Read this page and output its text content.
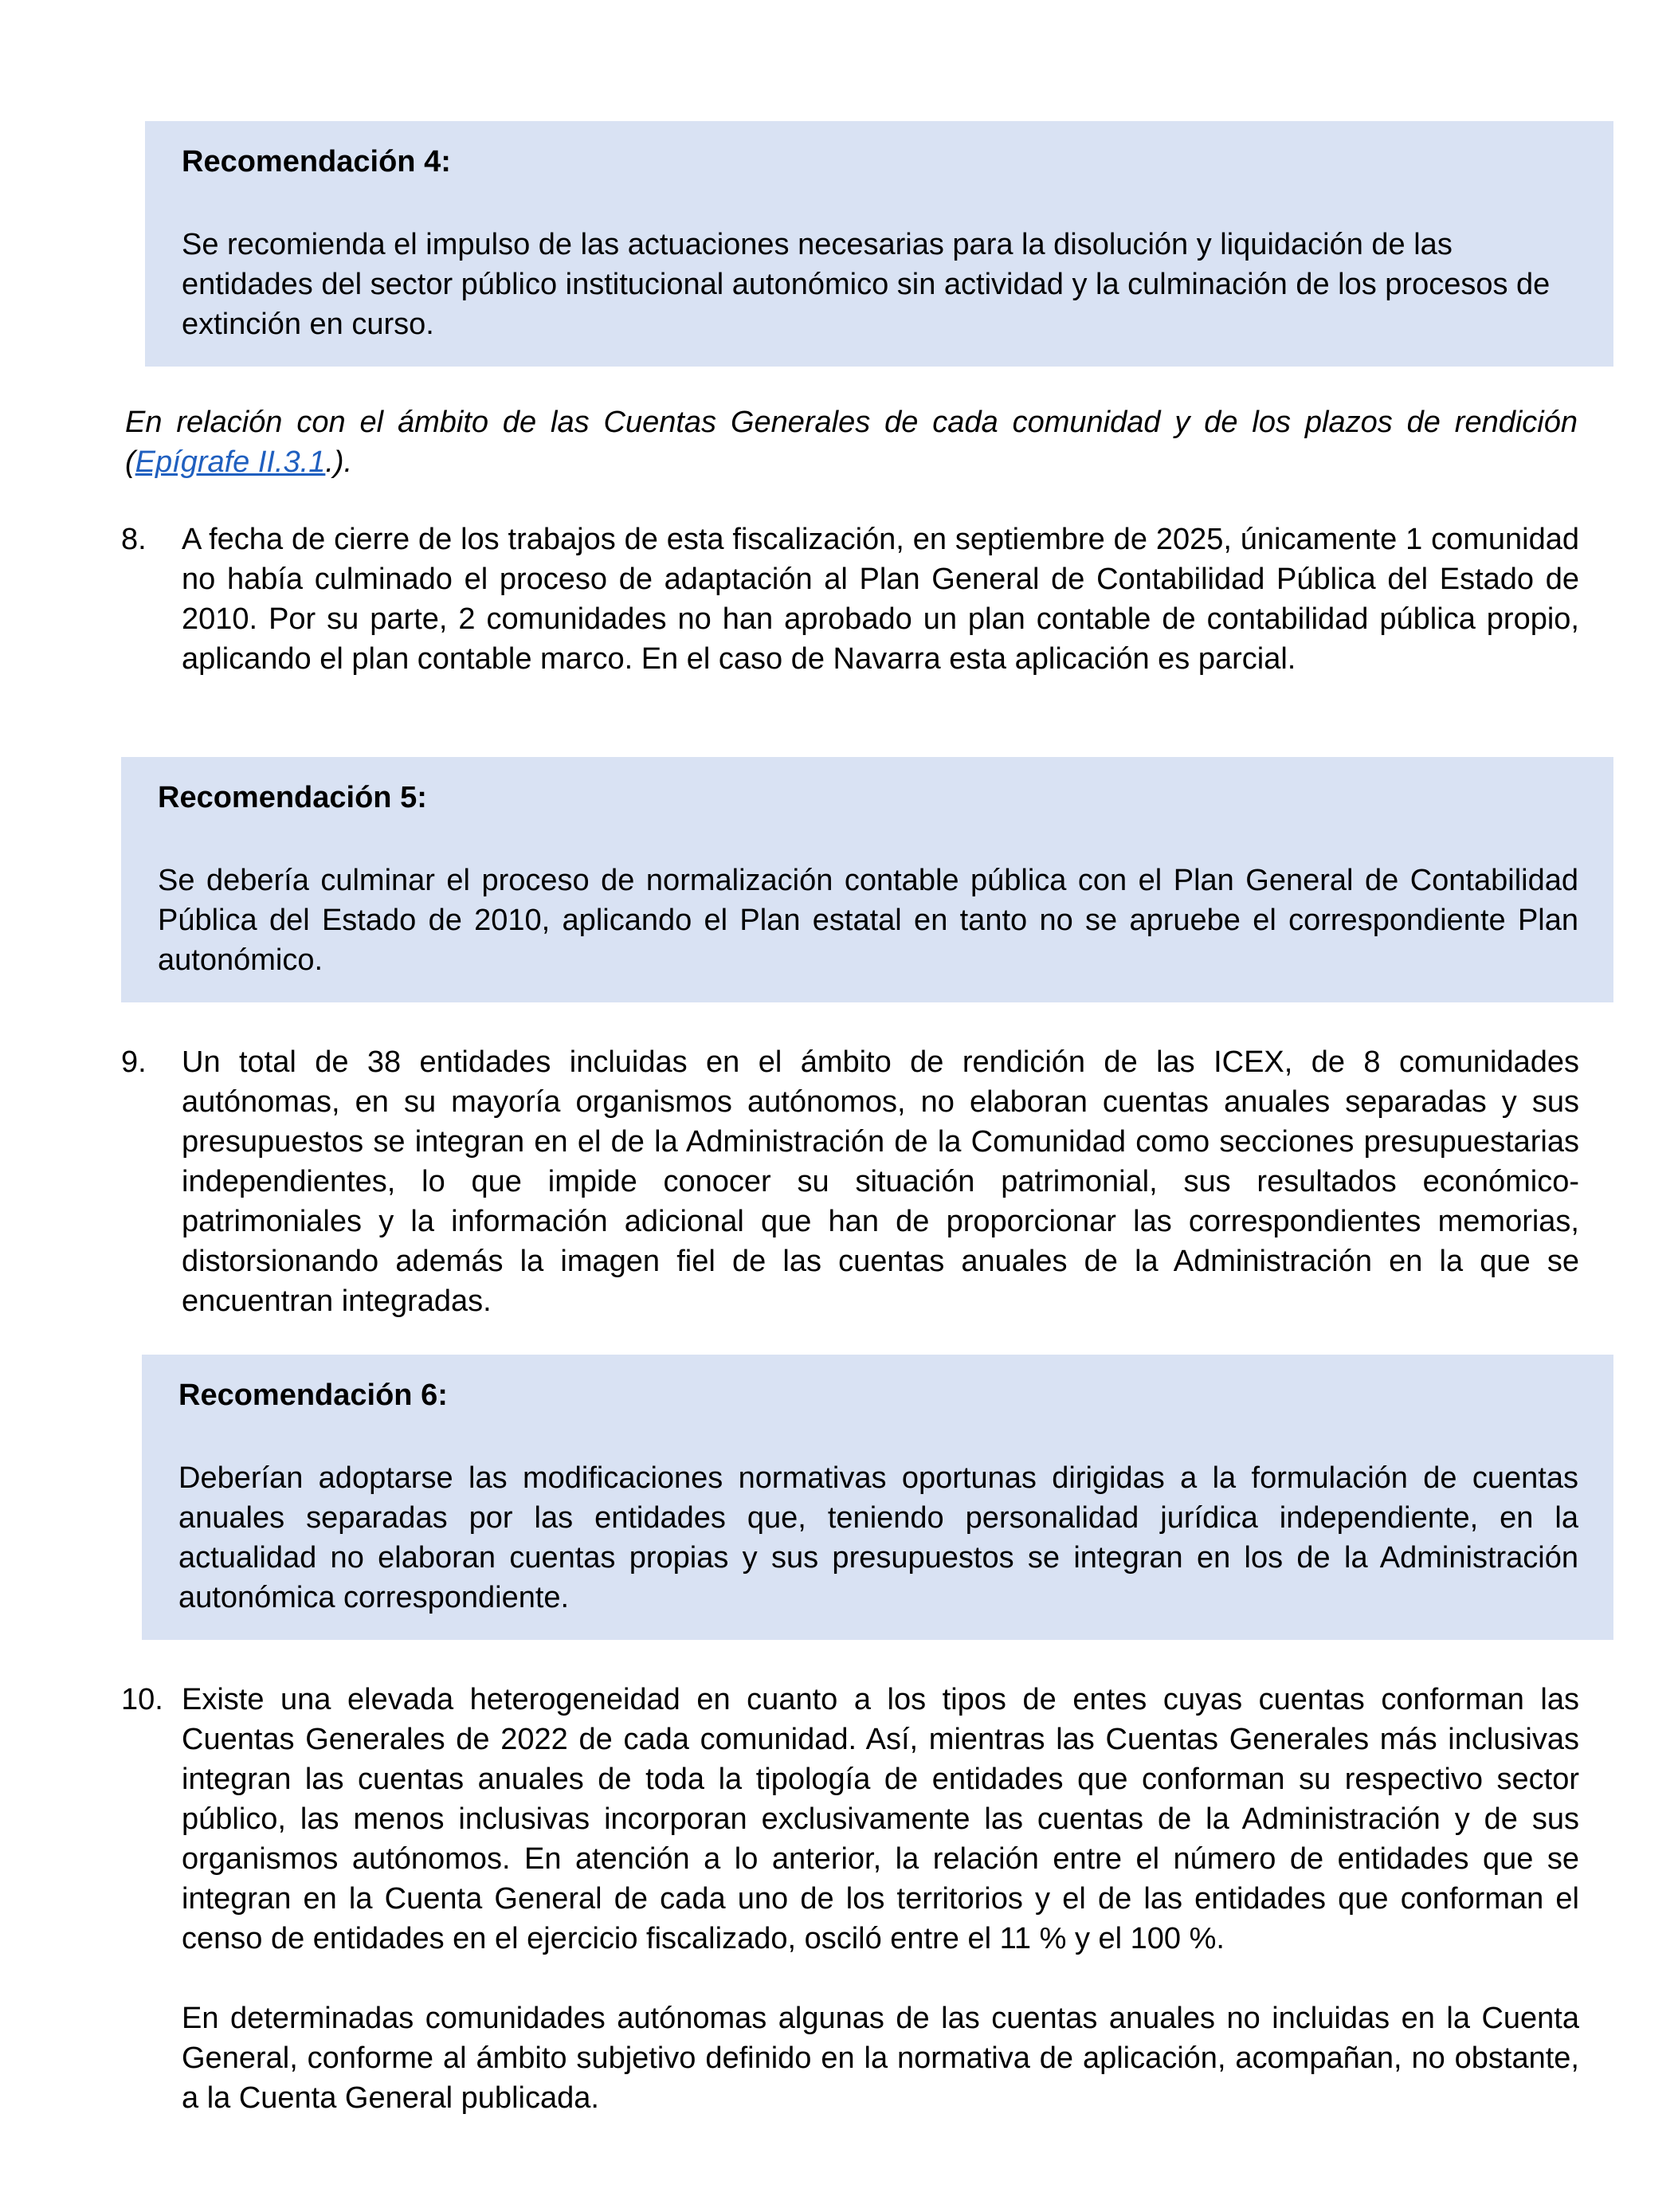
Recomendación 4:

Se recomienda el impulso de las actuaciones necesarias para la disolución y liquidación de las entidades del sector público institucional autonómico sin actividad y la culminación de los procesos de extinción en curso.

En relación con el ámbito de las Cuentas Generales de cada comunidad y de los plazos de rendición (Epígrafe II.3.1.).

8.	A fecha de cierre de los trabajos de esta fiscalización, en septiembre de 2025, únicamente 1 comunidad no había culminado el proceso de adaptación al Plan General de Contabilidad Pública del Estado de 2010. Por su parte, 2 comunidades no han aprobado un plan contable de contabilidad pública propio, aplicando el plan contable marco. En el caso de Navarra esta aplicación es parcial.

Recomendación 5:

Se debería culminar el proceso de normalización contable pública con el Plan General de Contabilidad Pública del Estado de 2010, aplicando el Plan estatal en tanto no se apruebe el correspondiente Plan autonómico.

9.	Un total de 38 entidades incluidas en el ámbito de rendición de las ICEX, de 8 comunidades autónomas, en su mayoría organismos autónomos, no elaboran cuentas anuales separadas y sus presupuestos se integran en el de la Administración de la Comunidad como secciones presupuestarias independientes, lo que impide conocer su situación patrimonial, sus resultados económico-patrimoniales y la información adicional que han de proporcionar las correspondientes memorias, distorsionando además la imagen fiel de las cuentas anuales de la Administración en la que se encuentran integradas.

Recomendación 6:

Deberían adoptarse las modificaciones normativas oportunas dirigidas a la formulación de cuentas anuales separadas por las entidades que, teniendo personalidad jurídica independiente, en la actualidad no elaboran cuentas propias y sus presupuestos se integran en los de la Administración autonómica correspondiente.

10. Existe una elevada heterogeneidad en cuanto a los tipos de entes cuyas cuentas conforman las Cuentas Generales de 2022 de cada comunidad. Así, mientras las Cuentas Generales más inclusivas integran las cuentas anuales de toda la tipología de entidades que conforman su respectivo sector público, las menos inclusivas incorporan exclusivamente las cuentas de la Administración y de sus organismos autónomos. En atención a lo anterior, la relación entre el número de entidades que se integran en la Cuenta General de cada uno de los territorios y el de las entidades que conforman el censo de entidades en el ejercicio fiscalizado, osciló entre el 11 % y el 100 %.

En determinadas comunidades autónomas algunas de las cuentas anuales no incluidas en la Cuenta General, conforme al ámbito subjetivo definido en la normativa de aplicación, acompañan, no obstante, a la Cuenta General publicada.
